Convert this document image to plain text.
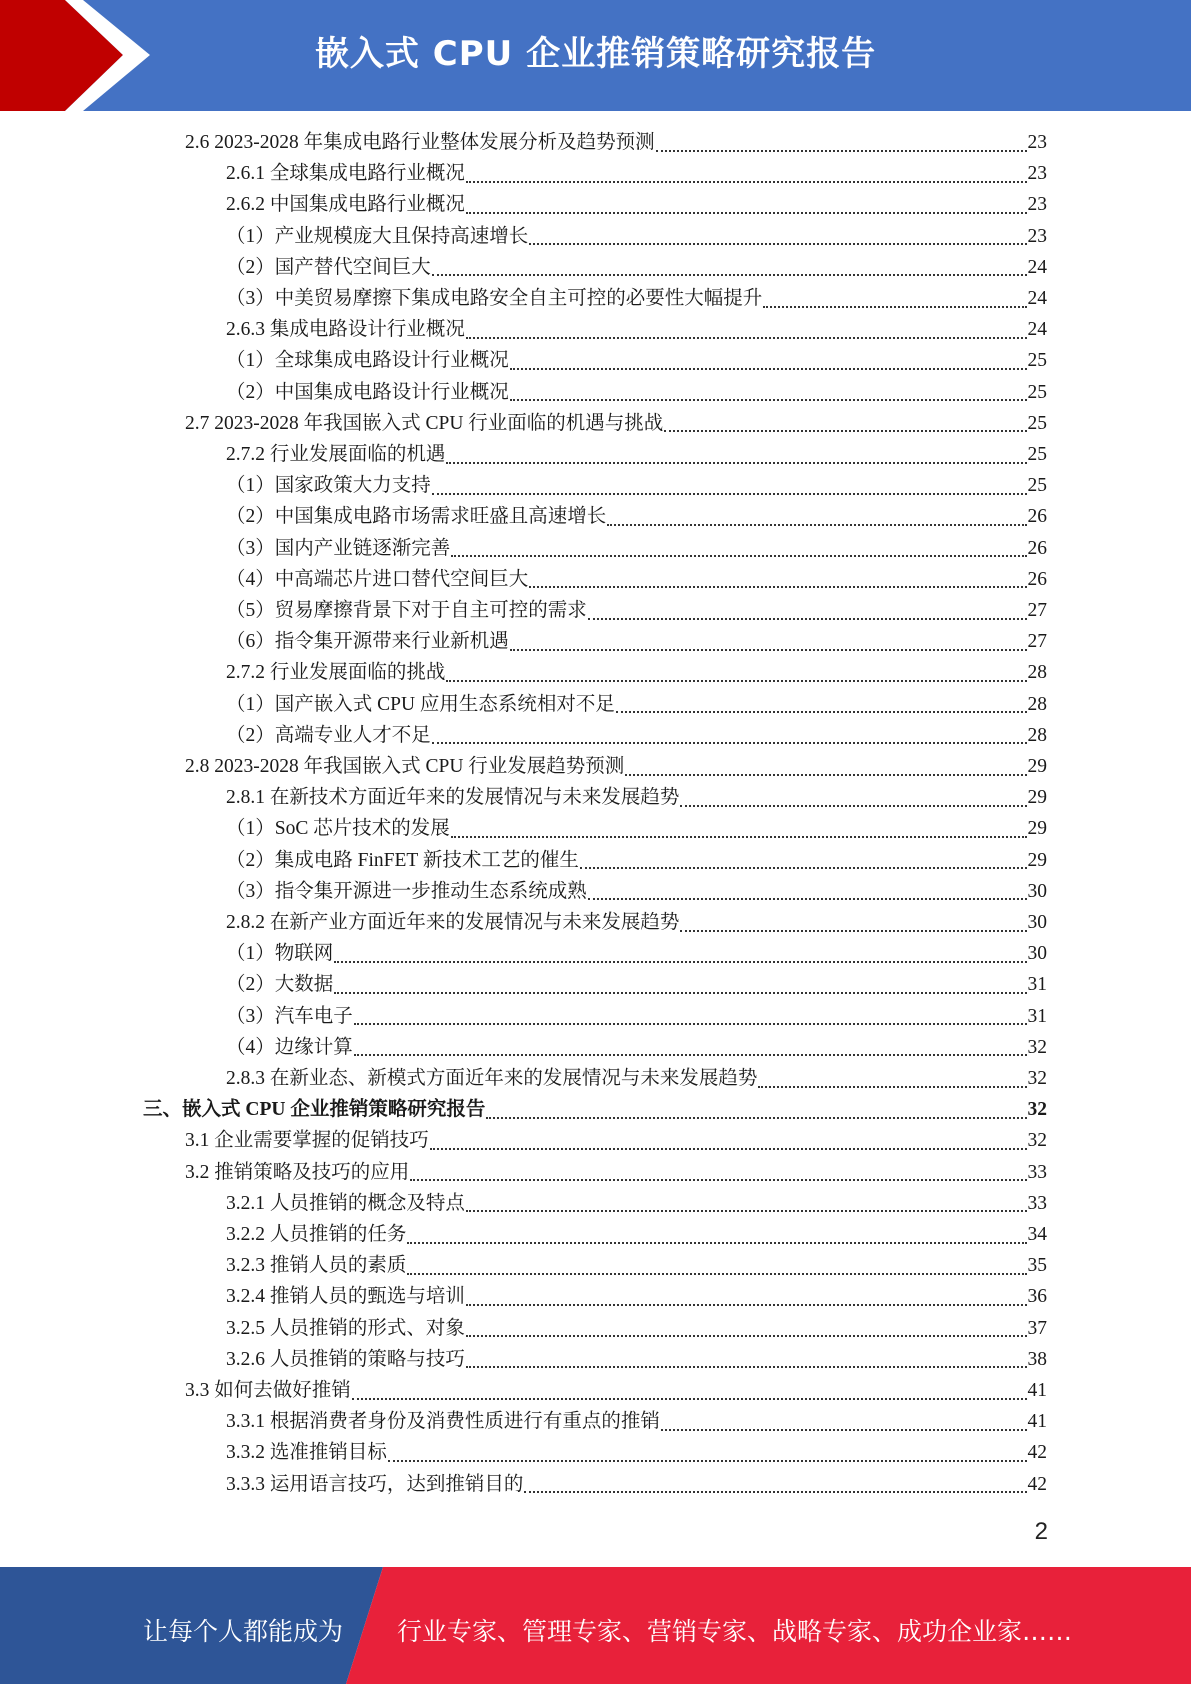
嵌入式 CPU 企业推销策略研究报告
2.6 2023-2028 年集成电路行业整体发展分析及趋势预测	23
2.6.1 全球集成电路行业概况	23
2.6.2 中国集成电路行业概况	23
（1）产业规模庞大且保持高速增长	23
（2）国产替代空间巨大	24
（3）中美贸易摩擦下集成电路安全自主可控的必要性大幅提升	24
2.6.3 集成电路设计行业概况	24
（1）全球集成电路设计行业概况	25
（2）中国集成电路设计行业概况	25
2.7 2023-2028 年我国嵌入式 CPU 行业面临的机遇与挑战	25
2.7.2 行业发展面临的机遇	25
（1）国家政策大力支持	25
（2）中国集成电路市场需求旺盛且高速增长	26
（3）国内产业链逐渐完善	26
（4）中高端芯片进口替代空间巨大	26
（5）贸易摩擦背景下对于自主可控的需求	27
（6）指令集开源带来行业新机遇	27
2.7.2 行业发展面临的挑战	28
（1）国产嵌入式 CPU 应用生态系统相对不足	28
（2）高端专业人才不足	28
2.8 2023-2028 年我国嵌入式 CPU 行业发展趋势预测	29
2.8.1 在新技术方面近年来的发展情况与未来发展趋势	29
（1）SoC 芯片技术的发展	29
（2）集成电路 FinFET 新技术工艺的催生	29
（3）指令集开源进一步推动生态系统成熟	30
2.8.2 在新产业方面近年来的发展情况与未来发展趋势	30
（1）物联网	30
（2）大数据	31
（3）汽车电子	31
（4）边缘计算	32
2.8.3 在新业态、新模式方面近年来的发展情况与未来发展趋势	32
三、嵌入式 CPU 企业推销策略研究报告	32
3.1 企业需要掌握的促销技巧	32
3.2 推销策略及技巧的应用	33
3.2.1 人员推销的概念及特点	33
3.2.2 人员推销的任务	34
3.2.3 推销人员的素质	35
3.2.4 推销人员的甄选与培训	36
3.2.5 人员推销的形式、对象	37
3.2.6 人员推销的策略与技巧	38
3.3 如何去做好推销	41
3.3.1 根据消费者身份及消费性质进行有重点的推销	41
3.3.2 选准推销目标	42
3.3.3 运用语言技巧，达到推销目的	42
2
让每个人都能成为 行业专家、管理专家、营销专家、战略专家、成功企业家……
